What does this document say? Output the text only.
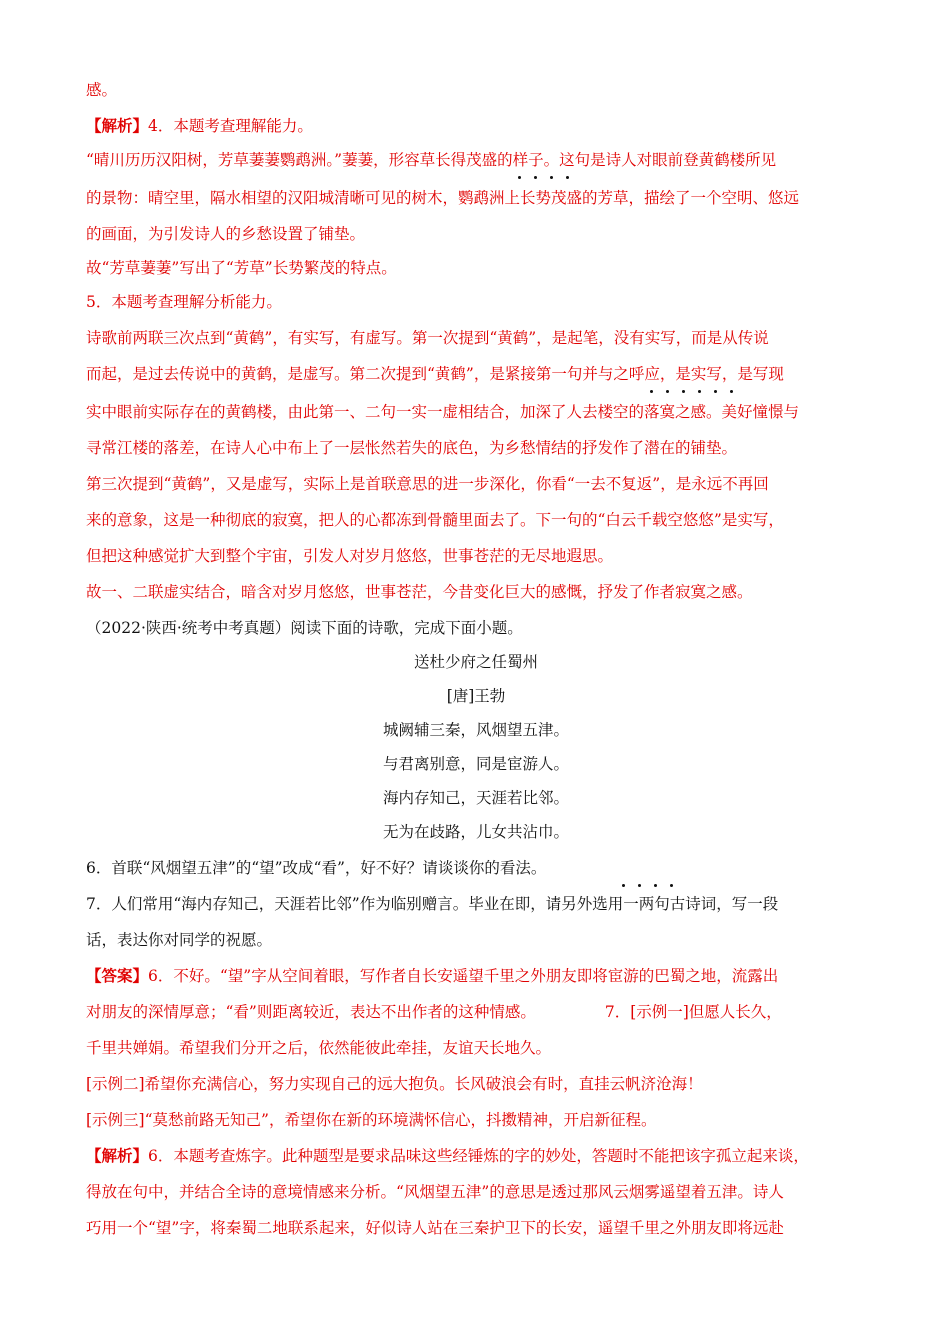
感。

【解析】4．本题考查理解能力。

“晴川历历汉阳树，芳草萋萋鹦鹉洲。”萋萋，形容草长得茂盛的样子。这句是诗人对眼前登黄鹤楼所见

的景物：晴空里，隔水相望的汉阳城清晰可见的树木，鹦鹉洲上长势茂盛的芳草，描绘了一个空明、悠远

的画面，为引发诗人的乡愁设置了铺垫。

故“芳草萋萋”写出了“芳草”长势繁茂的特点。

5．本题考查理解分析能力。

诗歌前两联三次点到“黄鹤”，有实写，有虚写。第一次提到“黄鹤”，是起笔，没有实写，而是从传说

而起，是过去传说中的黄鹤，是虚写。第二次提到“黄鹤”，是紧接第一句并与之呼应，是实写，是写现

实中眼前实际存在的黄鹤楼，由此第一、二句一实一虚相结合，加深了人去楼空的落寞之感。美好憧憬与

寻常江楼的落差，在诗人心中布上了一层怅然若失的底色，为乡愁情结的抒发作了潜在的铺垫。

第三次提到“黄鹤”，又是虚写，实际上是首联意思的进一步深化，你看“一去不复返”，是永远不再回

来的意象，这是一种彻底的寂寞，把人的心都冻到骨髓里面去了。下一句的“白云千载空悠悠”是实写，

但把这种感觉扩大到整个宇宙，引发人对岁月悠悠，世事苍茫的无尽地遐思。

故一、二联虚实结合，暗含对岁月悠悠，世事苍茫，今昔变化巨大的感慨，抒发了作者寂寞之感。

（2022·陕西·统考中考真题）阅读下面的诗歌，完成下面小题。

送杜少府之任蜀州

[唐]王勃

城阙辅三秦，风烟望五津。

与君离别意，同是宦游人。

海内存知己，天涯若比邻。

无为在歧路，儿女共沾巾。

6．首联“风烟望五津”的“望”改成“看”，好不好？请谈谈你的看法。

7．人们常用“海内存知己，天涯若比邻”作为临别赠言。毕业在即，请另外选用一两句古诗词，写一段

话，表达你对同学的祝愿。

【答案】6．不好。“望”字从空间着眼，写作者自长安遥望千里之外朋友即将宦游的巴蜀之地，流露出

对朋友的深情厚意；“看”则距离较近，表达不出作者的这种情感。              7．[示例一]但愿人长久，

千里共婵娟。希望我们分开之后，依然能彼此牵挂，友谊天长地久。

[示例二]希望你充满信心，努力实现自己的远大抱负。长风破浪会有时，直挂云帆济沧海！

[示例三]“莫愁前路无知己”，希望你在新的环境满怀信心，抖擞精神，开启新征程。

【解析】6．本题考查炼字。此种题型是要求品味这些经锤炼的字的妙处，答题时不能把该字孤立起来谈，

得放在句中，并结合全诗的意境情感来分析。“风烟望五津”的意思是透过那风云烟雾遥望着五津。诗人

巧用一个“望”字，将秦蜀二地联系起来，好似诗人站在三秦护卫下的长安，遥望千里之外朋友即将远赴
